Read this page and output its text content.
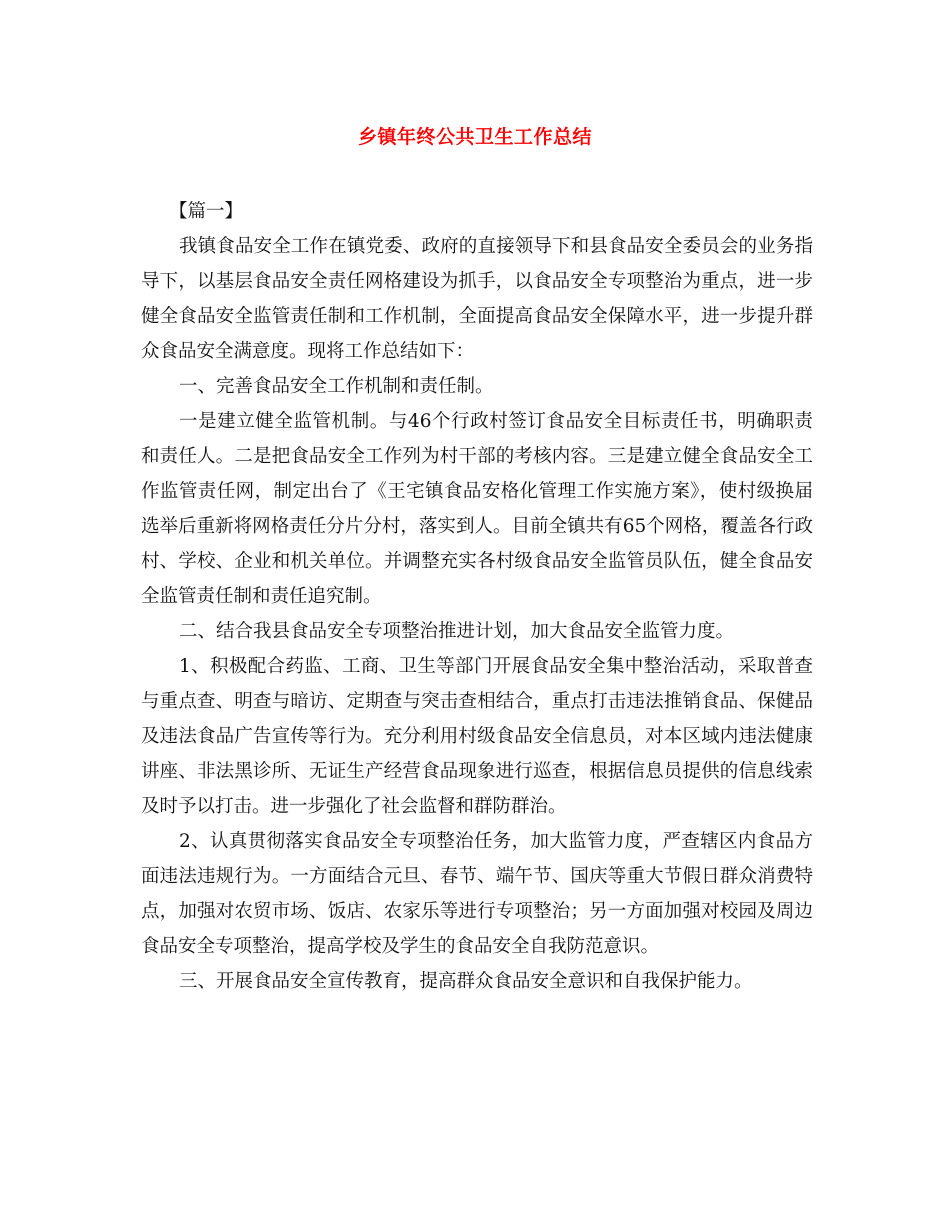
乡镇年终公共卫生工作总结

【篇一】

我镇食品安全工作在镇党委、政府的直接领导下和县食品安全委员会的业务指导下，以基层食品安全责任网格建设为抓手，以食品安全专项整治为重点，进一步健全食品安全监管责任制和工作机制，全面提高食品安全保障水平，进一步提升群众食品安全满意度。现将工作总结如下：

一、完善食品安全工作机制和责任制。

一是建立健全监管机制。与46个行政村签订食品安全目标责任书，明确职责和责任人。二是把食品安全工作列为村干部的考核内容。三是建立健全食品安全工作监管责任网，制定出台了《王宅镇食品安格化管理工作实施方案》，使村级换届选举后重新将网格责任分片分村，落实到人。目前全镇共有65个网格，覆盖各行政村、学校、企业和机关单位。并调整充实各村级食品安全监管员队伍，健全食品安全监管责任制和责任追究制。

二、结合我县食品安全专项整治推进计划，加大食品安全监管力度。

1、积极配合药监、工商、卫生等部门开展食品安全集中整治活动，采取普查与重点查、明查与暗访、定期查与突击查相结合，重点打击违法推销食品、保健品及违法食品广告宣传等行为。充分利用村级食品安全信息员，对本区域内违法健康讲座、非法黑诊所、无证生产经营食品现象进行巡查，根据信息员提供的信息线索及时予以打击。进一步强化了社会监督和群防群治。

2、认真贯彻落实食品安全专项整治任务，加大监管力度，严查辖区内食品方面违法违规行为。一方面结合元旦、春节、端午节、国庆等重大节假日群众消费特点，加强对农贸市场、饭店、农家乐等进行专项整治；另一方面加强对校园及周边食品安全专项整治，提高学校及学生的食品安全自我防范意识。

三、开展食品安全宣传教育，提高群众食品安全意识和自我保护能力。
